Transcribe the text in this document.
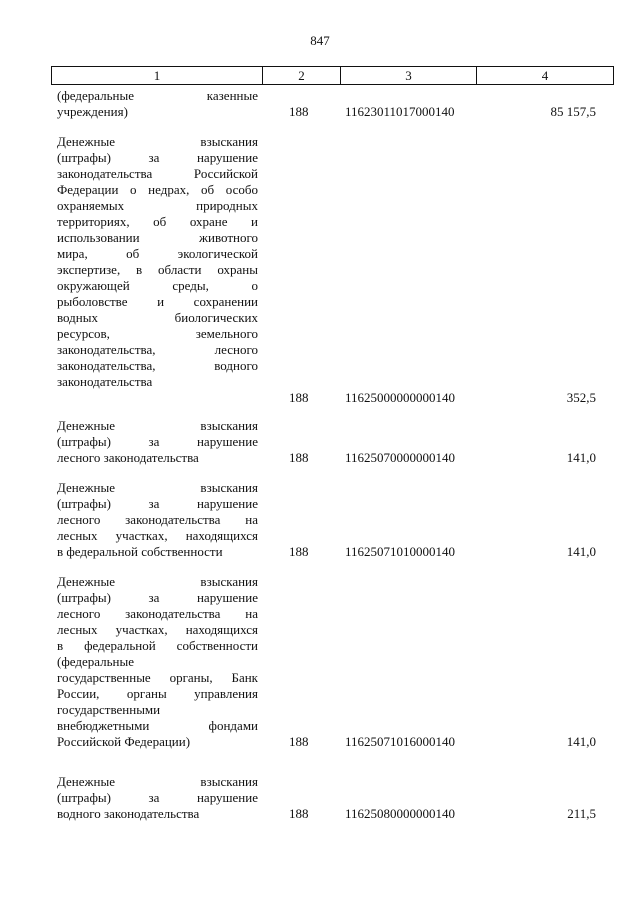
847
1	2	3	4
(федеральные казенные
учреждения)	188	11623011017000140	85 157,5
Денежные взыскания
(штрафы) за нарушение
законодательства Российской
Федерации о недрах, об особо
охраняемых природных
территориях, об охране и
использовании животного
мира, об экологической
экспертизе, в области охраны
окружающей среды, о
рыболовстве и сохранении
водных биологических
ресурсов, земельного
законодательства, лесного
законодательства, водного
законодательства
188	11625000000000140	352,5
Денежные взыскания
(штрафы) за нарушение
лесного законодательства	188	11625070000000140	141,0
Денежные взыскания
(штрафы) за нарушение
лесного законодательства на
лесных участках, находящихся
в федеральной собственности	188	11625071010000140	141,0
Денежные взыскания
(штрафы) за нарушение
лесного законодательства на
лесных участках, находящихся
в федеральной собственности
(федеральные
государственные органы, Банк
России, органы управления
государственными
внебюджетными фондами
Российской Федерации)	188	11625071016000140	141,0
Денежные взыскания
(штрафы) за нарушение
водного законодательства	188	11625080000000140	211,5
